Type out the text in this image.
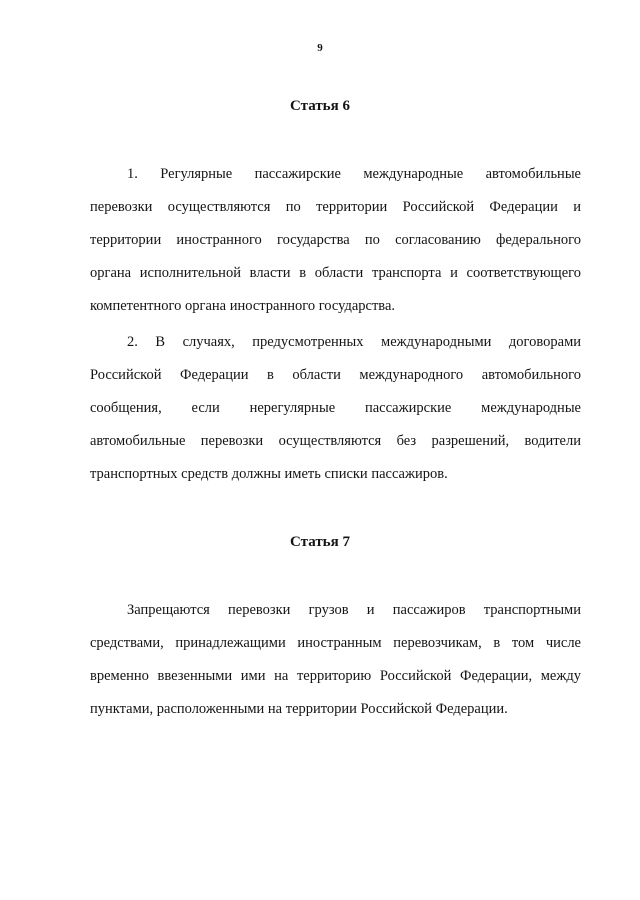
9
Статья 6
1. Регулярные пассажирские международные автомобильные
перевозки осуществляются по территории Российской Федерации и
территории иностранного государства по согласованию федерального
органа исполнительной власти в области транспорта и соответствующего
компетентного органа иностранного государства.
2. В случаях, предусмотренных международными договорами
Российской Федерации в области международного автомобильного
сообщения, если нерегулярные пассажирские международные
автомобильные перевозки осуществляются без разрешений, водители
транспортных средств должны иметь списки пассажиров.
Статья 7
Запрещаются перевозки грузов и пассажиров транспортными
средствами, принадлежащими иностранным перевозчикам, в том числе
временно ввезенными ими на территорию Российской Федерации, между
пунктами, расположенными на территории Российской Федерации.
